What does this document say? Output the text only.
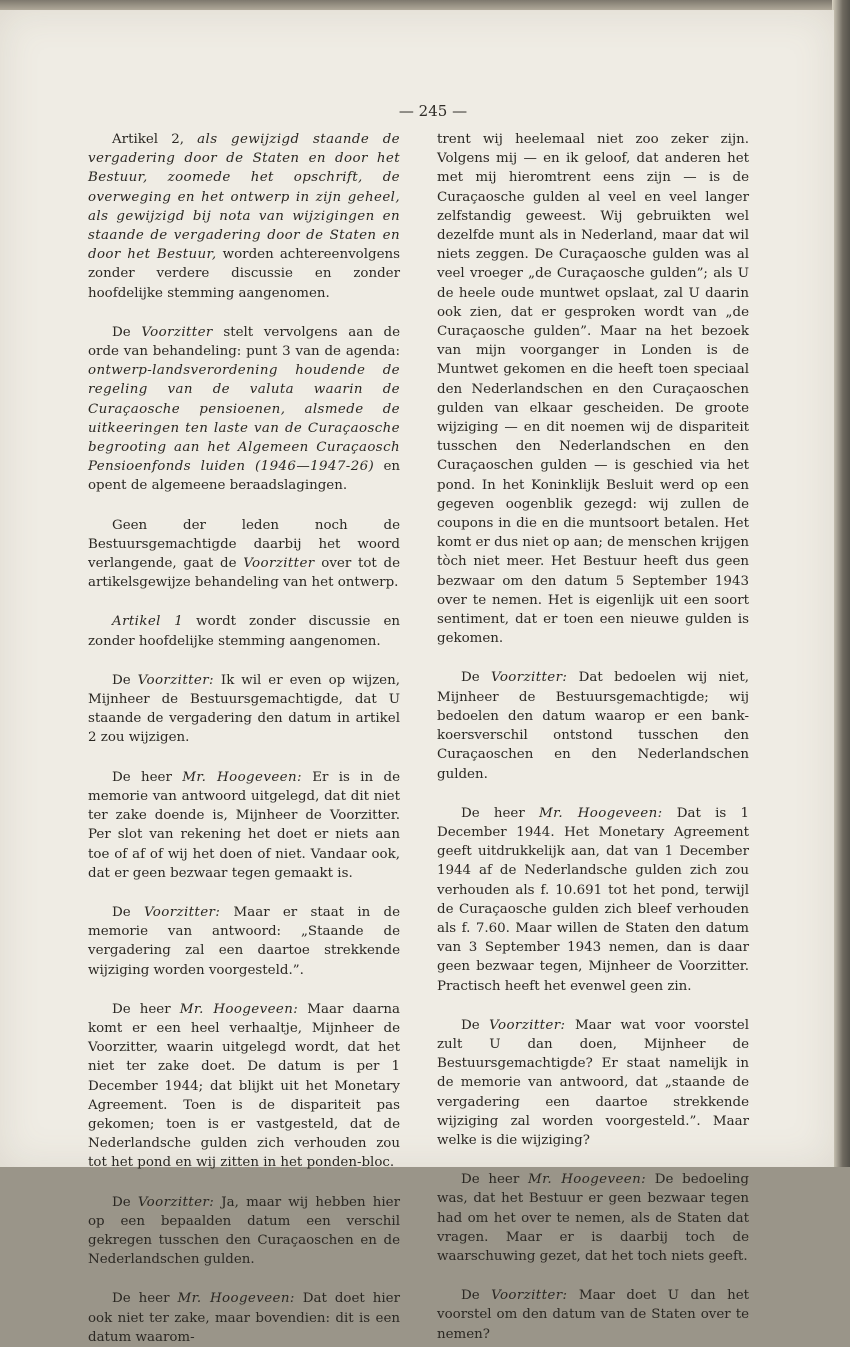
— 245 —

Artikel 2, als gewijzigd staande de vergadering door de Staten en door het Bestuur, zoomede het opschrift, de overweging en het ontwerp in zijn geheel, als gewijzigd bij nota van wijzigingen en staande de vergadering door de Staten en door het Bestuur, worden achtereenvolgens zonder verdere discussie en zonder hoofdelijke stemming aangenomen.

De Voorzitter stelt vervolgens aan de orde van behandeling: punt 3 van de agenda: ontwerp-landsverordening houdende de regeling van de valuta waarin de Curaçaosche pensioenen, alsmede de uitkeeringen ten laste van de Curaçaosche begrooting aan het Algemeen Curaçaosch Pensioenfonds luiden (1946—1947-26) en opent de algemeene beraadslagingen.

Geen der leden noch de Bestuursgemachtigde daarbij het woord verlangende, gaat de Voorzitter over tot de artikelsgewijze behandeling van het ontwerp.

Artikel 1 wordt zonder discussie en zonder hoofdelijke stemming aangenomen.

De Voorzitter: Ik wil er even op wijzen, Mijnheer de Bestuursgemachtigde, dat U staande de vergadering den datum in artikel 2 zou wijzigen.

De heer Mr. Hoogeveen: Er is in de memorie van antwoord uitgelegd, dat dit niet ter zake doende is, Mijnheer de Voorzitter. Per slot van rekening het doet er niets aan toe of af of wij het doen of niet. Vandaar ook, dat er geen bezwaar tegen gemaakt is.

De Voorzitter: Maar er staat in de memorie van antwoord: „Staande de vergadering zal een daartoe strekkende wijziging worden voorgesteld.”.

De heer Mr. Hoogeveen: Maar daarna komt er een heel verhaaltje, Mijnheer de Voorzitter, waarin uitgelegd wordt, dat het niet ter zake doet. De datum is per 1 December 1944; dat blijkt uit het Monetary Agreement. Toen is de dispariteit pas gekomen; toen is er vastgesteld, dat de Nederlandsche gulden zich verhouden zou tot het pond en wij zitten in het ponden-bloc.

De Voorzitter: Ja, maar wij hebben hier op een bepaalden datum een verschil gekregen tusschen den Curaçaoschen en de Nederlandschen gulden.

De heer Mr. Hoogeveen: Dat doet hier ook niet ter zake, maar bovendien: dit is een datum waarom-

trent wij heelemaal niet zoo zeker zijn. Volgens mij — en ik geloof, dat anderen het met mij hieromtrent eens zijn — is de Curaçaosche gulden al veel en veel langer zelfstandig geweest. Wij gebruikten wel dezelfde munt als in Nederland, maar dat wil niets zeggen. De Curaçaosche gulden was al veel vroeger „de Curaçaosche gulden”; als U de heele oude muntwet opslaat, zal U daarin ook zien, dat er gesproken wordt van „de Curaçaosche gulden”. Maar na het bezoek van mijn voorganger in Londen is de Muntwet gekomen en die heeft toen speciaal den Nederlandschen en den Curaçaoschen gulden van elkaar gescheiden. De groote wijziging — en dit noemen wij de dispariteit tusschen den Nederlandschen en den Curaçaoschen gulden — is geschied via het pond. In het Koninklijk Besluit werd op een gegeven oogenblik gezegd: wij zullen de coupons in die en die muntsoort betalen. Het komt er dus niet op aan; de menschen krijgen tòch niet meer. Het Bestuur heeft dus geen bezwaar om den datum 5 September 1943 over te nemen. Het is eigenlijk uit een soort sentiment, dat er toen een nieuwe gulden is gekomen.

De Voorzitter: Dat bedoelen wij niet, Mijnheer de Bestuursgemachtigde; wij bedoelen den datum waarop er een bank-koersverschil ontstond tusschen den Curaçaoschen en den Nederlandschen gulden.

De heer Mr. Hoogeveen: Dat is 1 December 1944. Het Monetary Agreement geeft uitdrukkelijk aan, dat van 1 December 1944 af de Nederlandsche gulden zich zou verhouden als f. 10.691 tot het pond, terwijl de Curaçaosche gulden zich bleef verhouden als f. 7.60. Maar willen de Staten den datum van 3 September 1943 nemen, dan is daar geen bezwaar tegen, Mijnheer de Voorzitter. Practisch heeft het evenwel geen zin.

De Voorzitter: Maar wat voor voorstel zult U dan doen, Mijnheer de Bestuursgemachtigde? Er staat namelijk in de memorie van antwoord, dat „staande de vergadering een daartoe strekkende wijziging zal worden voorgesteld.”. Maar welke is die wijziging?

De heer Mr. Hoogeveen: De bedoeling was, dat het Bestuur er geen bezwaar tegen had om het over te nemen, als de Staten dat vragen. Maar er is daarbij toch de waarschuwing gezet, dat het toch niets geeft.

De Voorzitter: Maar doet U dan het voorstel om den datum van de Staten over te nemen?
